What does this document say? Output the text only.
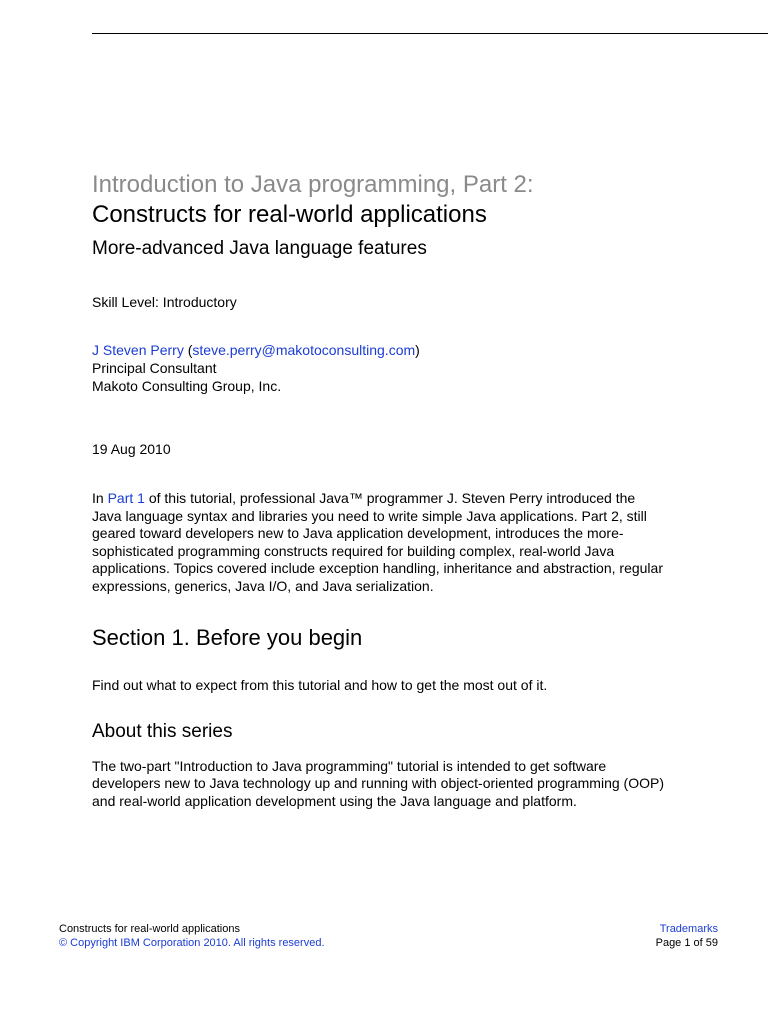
Introduction to Java programming, Part 2:
Constructs for real-world applications
More-advanced Java language features
Skill Level: Introductory
J Steven Perry (steve.perry@makotoconsulting.com)
Principal Consultant
Makoto Consulting Group, Inc.
19 Aug 2010
In Part 1 of this tutorial, professional Java™ programmer J. Steven Perry introduced the Java language syntax and libraries you need to write simple Java applications. Part 2, still geared toward developers new to Java application development, introduces the more-sophisticated programming constructs required for building complex, real-world Java applications. Topics covered include exception handling, inheritance and abstraction, regular expressions, generics, Java I/O, and Java serialization.
Section 1. Before you begin
Find out what to expect from this tutorial and how to get the most out of it.
About this series
The two-part "Introduction to Java programming" tutorial is intended to get software developers new to Java technology up and running with object-oriented programming (OOP) and real-world application development using the Java language and platform.
Constructs for real-world applications
© Copyright IBM Corporation 2010. All rights reserved.
Trademarks
Page 1 of 59
